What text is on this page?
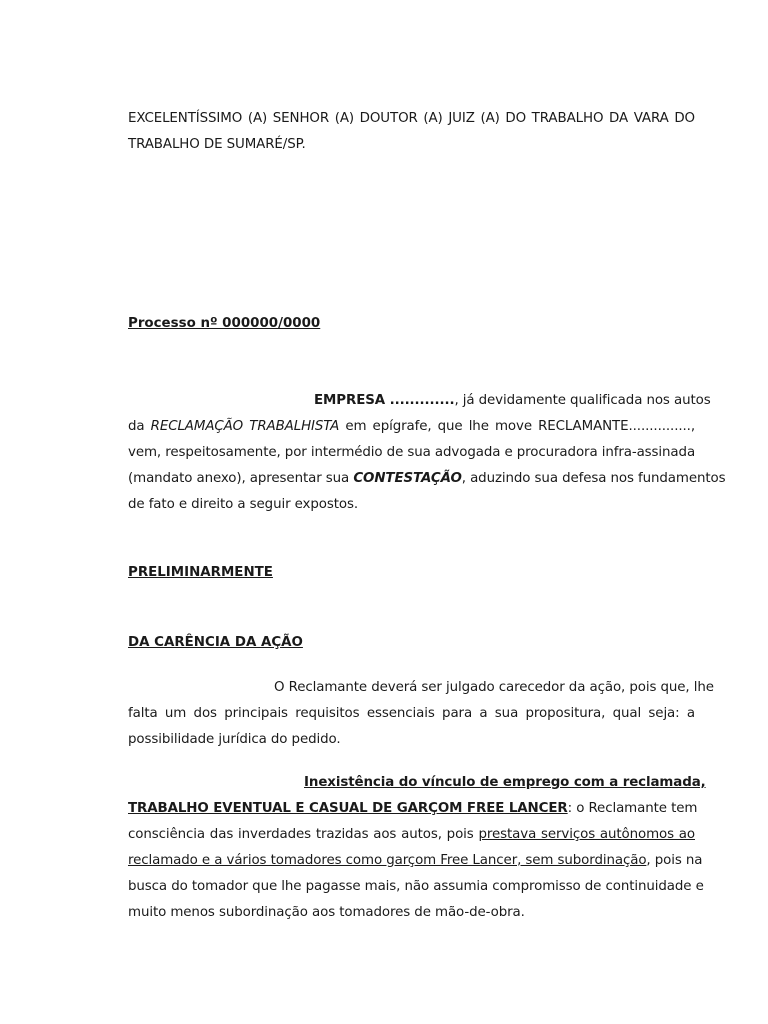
EXCELENTÍSSIMO (A) SENHOR (A) DOUTOR (A) JUIZ (A) DO TRABALHO DA VARA DO
TRABALHO DE SUMARÉ/SP.
Processo nº 000000/0000
EMPRESA ............., já devidamente qualificada nos autos
da RECLAMAÇÃO TRABALHISTA em epígrafe, que lhe move RECLAMANTE...............,
vem, respeitosamente, por intermédio de sua advogada e procuradora infra-assinada
(mandato anexo), apresentar sua CONTESTAÇÃO, aduzindo sua defesa nos fundamentos
de fato e direito a seguir expostos.
PRELIMINARMENTE
DA CARÊNCIA DA AÇÃO
O Reclamante deverá ser julgado carecedor da ação, pois que, lhe
falta um dos principais requisitos essenciais para a sua propositura, qual seja: a
possibilidade jurídica do pedido.
Inexistência do vínculo de emprego com a reclamada,
TRABALHO EVENTUAL E CASUAL DE GARÇOM FREE LANCER: o Reclamante tem
consciência das inverdades trazidas aos autos, pois prestava serviços autônomos ao
reclamado e a vários tomadores como garçom Free Lancer, sem subordinação, pois na
busca do tomador que lhe pagasse mais, não assumia compromisso de continuidade e
muito menos subordinação aos tomadores de mão-de-obra.
